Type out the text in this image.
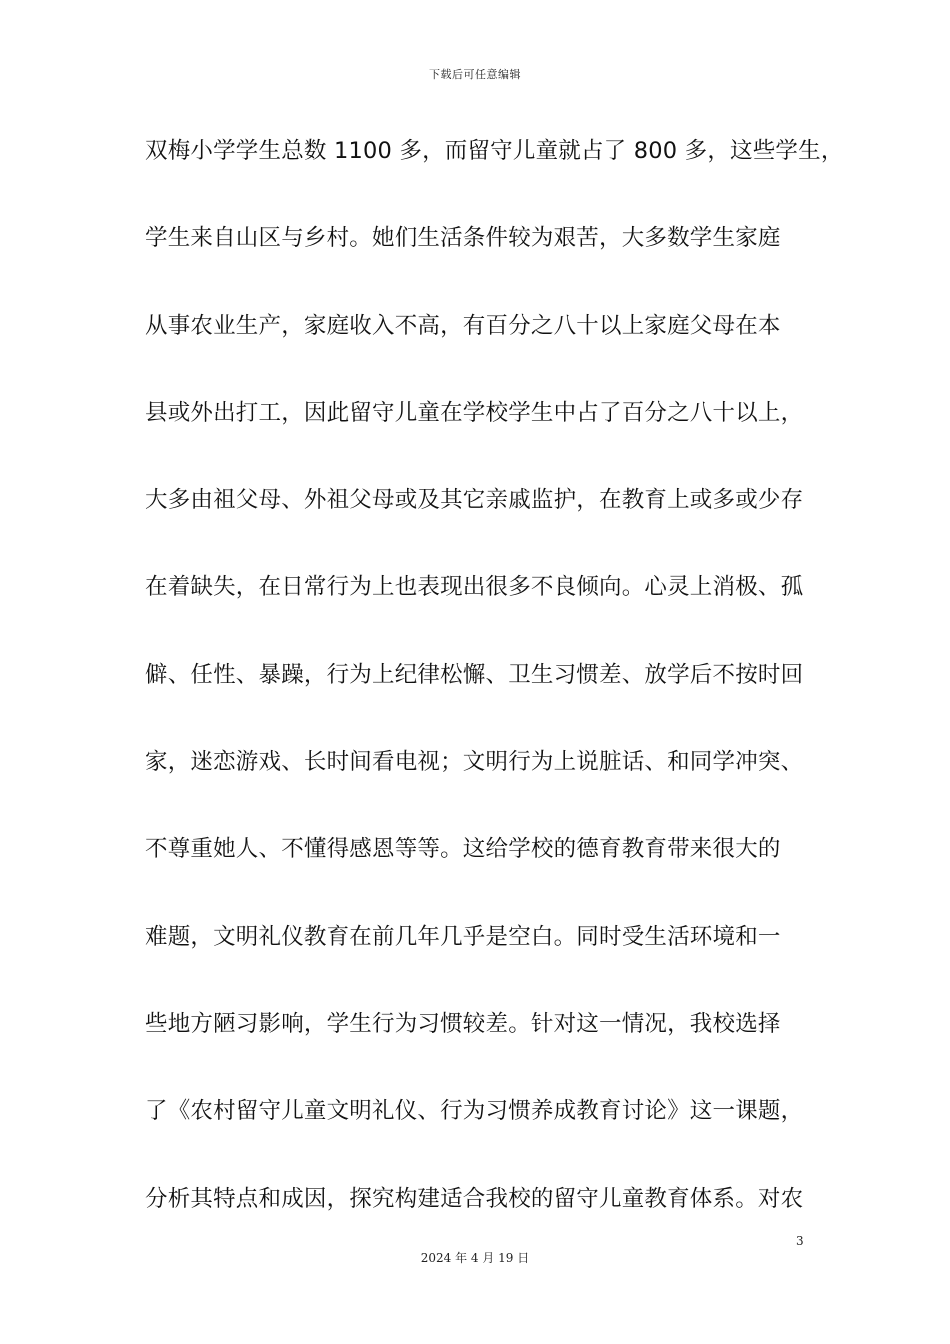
下载后可任意编辑
双梅小学学生总数 1100 多，而留守儿童就占了 800 多，这些学生，
学生来自山区与乡村。她们生活条件较为艰苦，大多数学生家庭
从事农业生产，家庭收入不高，有百分之八十以上家庭父母在本
县或外出打工，因此留守儿童在学校学生中占了百分之八十以上，
大多由祖父母、外祖父母或及其它亲戚监护，在教育上或多或少存
在着缺失，在日常行为上也表现出很多不良倾向。心灵上消极、孤
僻、任性、暴躁，行为上纪律松懈、卫生习惯差、放学后不按时回
家，迷恋游戏、长时间看电视；文明行为上说脏话、和同学冲突、
不尊重她人、不懂得感恩等等。这给学校的德育教育带来很大的
难题，文明礼仪教育在前几年几乎是空白。同时受生活环境和一
些地方陋习影响，学生行为习惯较差。针对这一情况，我校选择
了《农村留守儿童文明礼仪、行为习惯养成教育讨论》这一课题，
分析其特点和成因，探究构建适合我校的留守儿童教育体系。对农
3
2024 年 4 月 19 日
